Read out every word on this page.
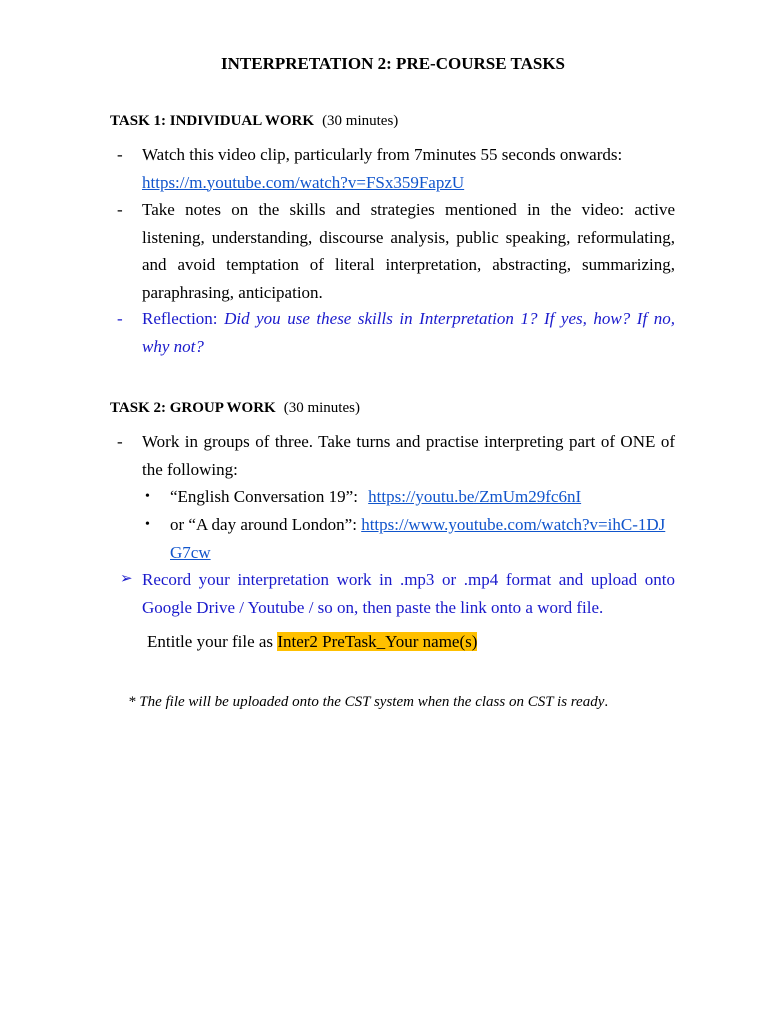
INTERPRETATION 2: PRE-COURSE TASKS
TASK 1: INDIVIDUAL WORK (30 minutes)
- Watch this video clip, particularly from 7minutes 55 seconds onwards:
https://m.youtube.com/watch?v=FSx359FapzU
- Take notes on the skills and strategies mentioned in the video: active listening, understanding, discourse analysis, public speaking, reformulating, and avoid temptation of literal interpretation, abstracting, summarizing, paraphrasing, anticipation.
- Reflection: Did you use these skills in Interpretation 1? If yes, how? If no, why not?
TASK 2: GROUP WORK (30 minutes)
- Work in groups of three. Take turns and practise interpreting part of ONE of the following:
• “English Conversation 19”: https://youtu.be/ZmUm29fc6nI
• or “A day around London”: https://www.youtube.com/watch?v=ihC-1DJG7cw
➢ Record your interpretation work in .mp3 or .mp4 format and upload onto Google Drive / Youtube / so on, then paste the link onto a word file.
Entitle your file as Inter2 PreTask_Your name(s)
* The file will be uploaded onto the CST system when the class on CST is ready.
